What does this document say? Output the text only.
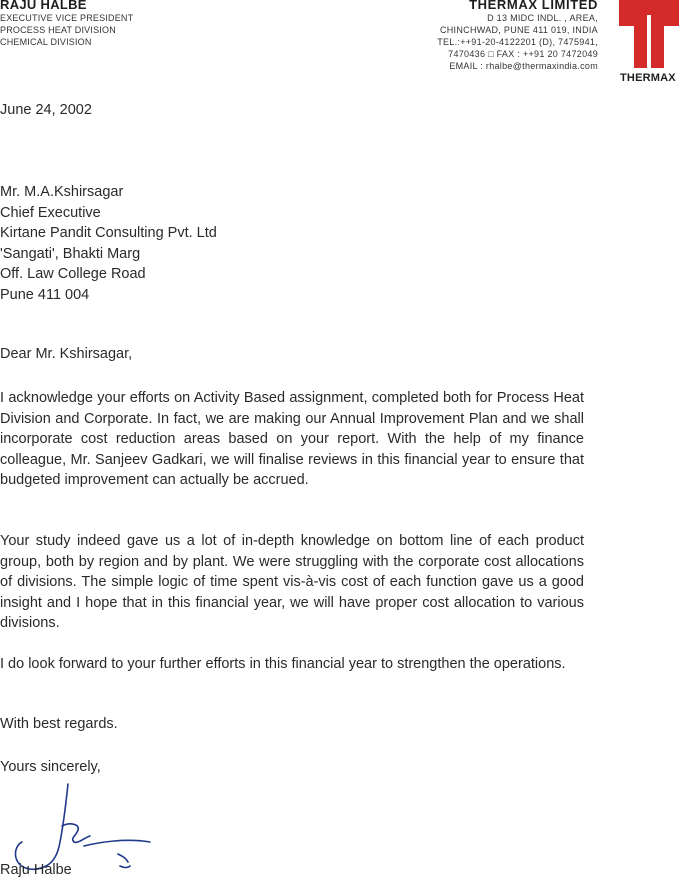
RAJU HALBE
EXECUTIVE VICE PRESIDENT
PROCESS HEAT DIVISION
CHEMICAL DIVISION
THERMAX LIMITED
D 13 MIDC INDL. , AREA,
CHINCHWAD, PUNE 411 019, INDIA
TEL.:++91-20-4122201 (D), 7475941,
7470436 □ FAX : ++91 20 7472049
EMAIL : rhalbe@thermaxindia.com
THERMAX
June 24, 2002
Mr. M.A.Kshirsagar
Chief Executive
Kirtane Pandit Consulting Pvt. Ltd
'Sangati', Bhakti Marg
Off. Law College Road
Pune 411 004
Dear Mr. Kshirsagar,
I acknowledge your efforts on Activity Based assignment, completed both for Process Heat Division and Corporate. In fact, we are making our Annual Improvement Plan and we shall incorporate cost reduction areas based on your report. With the help of my finance colleague, Mr. Sanjeev Gadkari, we will finalise reviews in this financial year to ensure that budgeted improvement can actually be accrued.
Your study indeed gave us a lot of in-depth knowledge on bottom line of each product group, both by region and by plant. We were struggling with the corporate cost allocations of divisions. The simple logic of time spent vis-à-vis cost of each function gave us a good insight and I hope that in this financial year, we will have proper cost allocation to various divisions.
I do look forward to your further efforts in this financial year to strengthen the operations.
With best regards.
Yours sincerely,
Raju Halbe
